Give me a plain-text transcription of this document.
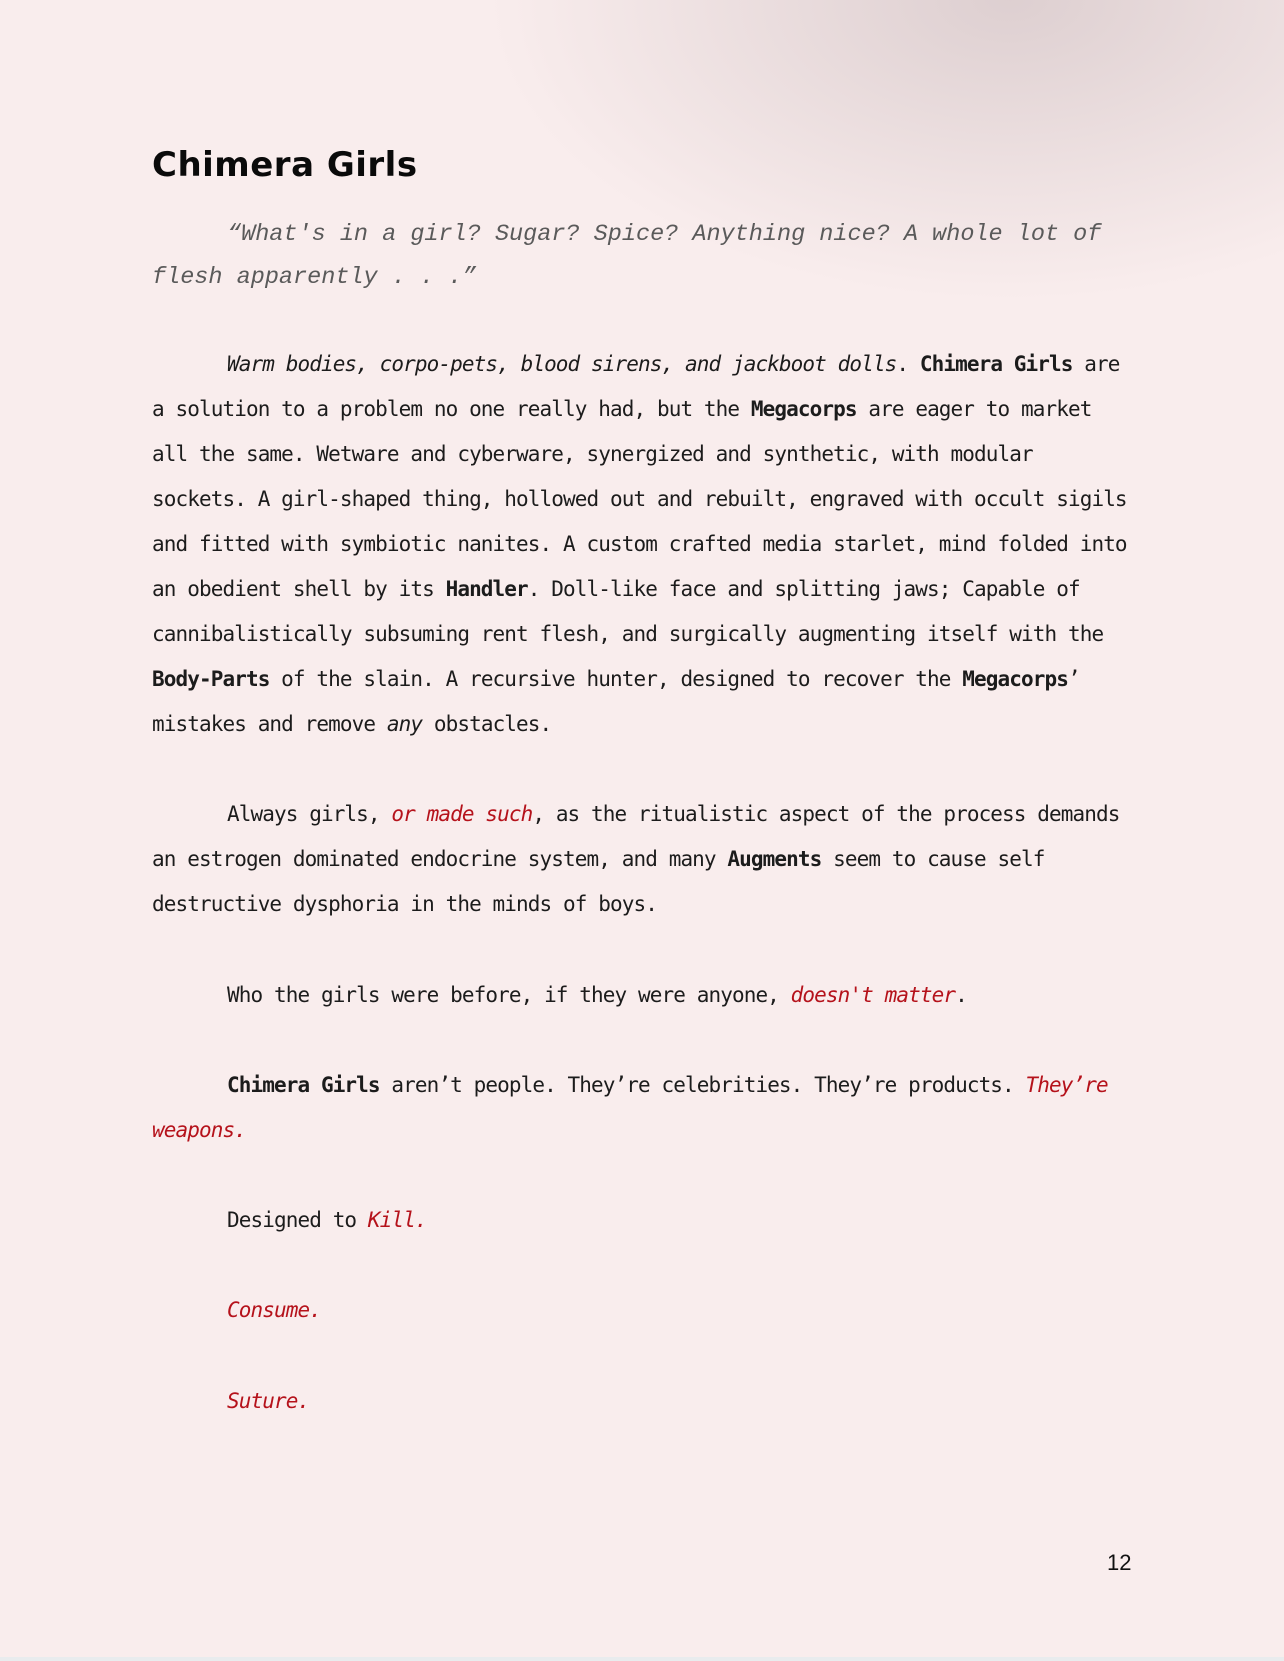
Chimera Girls

“What's in a girl? Sugar? Spice? Anything nice? A whole lot of flesh apparently . . .”

Warm bodies, corpo-pets, blood sirens, and jackboot dolls. Chimera Girls are a solution to a problem no one really had, but the Megacorps are eager to market all the same. Wetware and cyberware, synergized and synthetic, with modular sockets. A girl-shaped thing, hollowed out and rebuilt, engraved with occult sigils and fitted with symbiotic nanites. A custom crafted media starlet, mind folded into an obedient shell by its Handler. Doll-like face and splitting jaws; Capable of cannibalistically subsuming rent flesh, and surgically augmenting itself with the Body-Parts of the slain. A recursive hunter, designed to recover the Megacorps’ mistakes and remove any obstacles.

Always girls, or made such, as the ritualistic aspect of the process demands an estrogen dominated endocrine system, and many Augments seem to cause self destructive dysphoria in the minds of boys.

Who the girls were before, if they were anyone, doesn't matter.

Chimera Girls aren’t people. They’re celebrities. They’re products. They’re weapons.

Designed to Kill.

Consume.

Suture.

12
